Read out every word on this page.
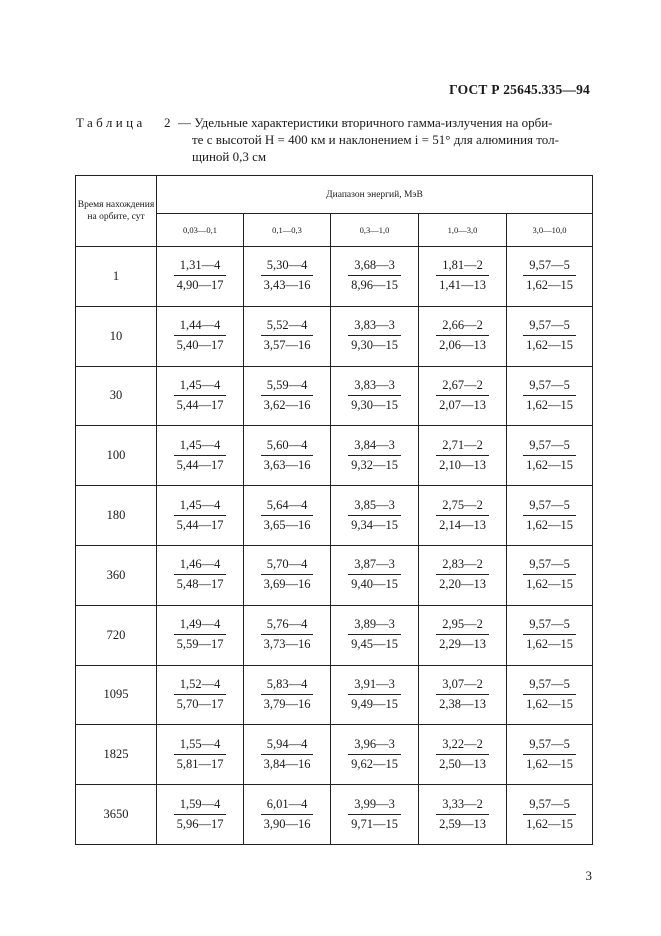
ГОСТ Р 25645.335—94
Таблица 2 — Удельные характеристики вторичного гамма-излучения на орби-
те с высотой H = 400 км и наклонением i = 51° для алюминия тол-
щиной 0,3 см
Время нахождения на орбите, сут	Диапазон энергий, МэВ				
	0,03—0,1	0,1—0,3	0,3—1,0	1,0—3,0	3,0—10,0
1	$\frac{1,31—4}{4,90—17}$	$\frac{5,30—4}{3,43—16}$	$\frac{3,68—3}{8,96—15}$	$\frac{1,81—2}{1,41—13}$	$\frac{9,57—5}{1,62—15}$

10	$\frac{1,44—4}{5,40—17}$	$\frac{5,52—4}{3,57—16}$	$\frac{3,83—3}{9,30—15}$	$\frac{2,66—2}{2,06—13}$	$\frac{9,57—5}{1,62—15}$

30	$\frac{1,45—4}{5,44—17}$	$\frac{5,59—4}{3,62—16}$	$\frac{3,83—3}{9,30—15}$	$\frac{2,67—2}{2,07—13}$	$\frac{9,57—5}{1,62—15}$

100	$\frac{1,45—4}{5,44—17}$	$\frac{5,60—4}{3,63—16}$	$\frac{3,84—3}{9,32—15}$	$\frac{2,71—2}{2,10—13}$	$\frac{9,57—5}{1,62—15}$

180	$\frac{1,45—4}{5,44—17}$	$\frac{5,64—4}{3,65—16}$	$\frac{3,85—3}{9,34—15}$	$\frac{2,75—2}{2,14—13}$	$\frac{9,57—5}{1,62—15}$

360	$\frac{1,46—4}{5,48—17}$	$\frac{5,70—4}{3,69—16}$	$\frac{3,87—3}{9,40—15}$	$\frac{2,83—2}{2,20—13}$	$\frac{9,57—5}{1,62—15}$

720	$\frac{1,49—4}{5,59—17}$	$\frac{5,76—4}{3,73—16}$	$\frac{3,89—3}{9,45—15}$	$\frac{2,95—2}{2,29—13}$	$\frac{9,57—5}{1,62—15}$

1095	$\frac{1,52—4}{5,70—17}$	$\frac{5,83—4}{3,79—16}$	$\frac{3,91—3}{9,49—15}$	$\frac{3,07—2}{2,38—13}$	$\frac{9,57—5}{1,62—15}$

1825	$\frac{1,55—4}{5,81—17}$	$\frac{5,94—4}{3,84—16}$	$\frac{3,96—3}{9,62—15}$	$\frac{3,22—2}{2,50—13}$	$\frac{9,57—5}{1,62—15}$

3650	$\frac{1,59—4}{5,96—17}$	$\frac{6,01—4}{3,90—16}$	$\frac{3,99—3}{9,71—15}$	$\frac{3,33—2}{2,59—13}$	$\frac{9,57—5}{1,62—15}$
3
